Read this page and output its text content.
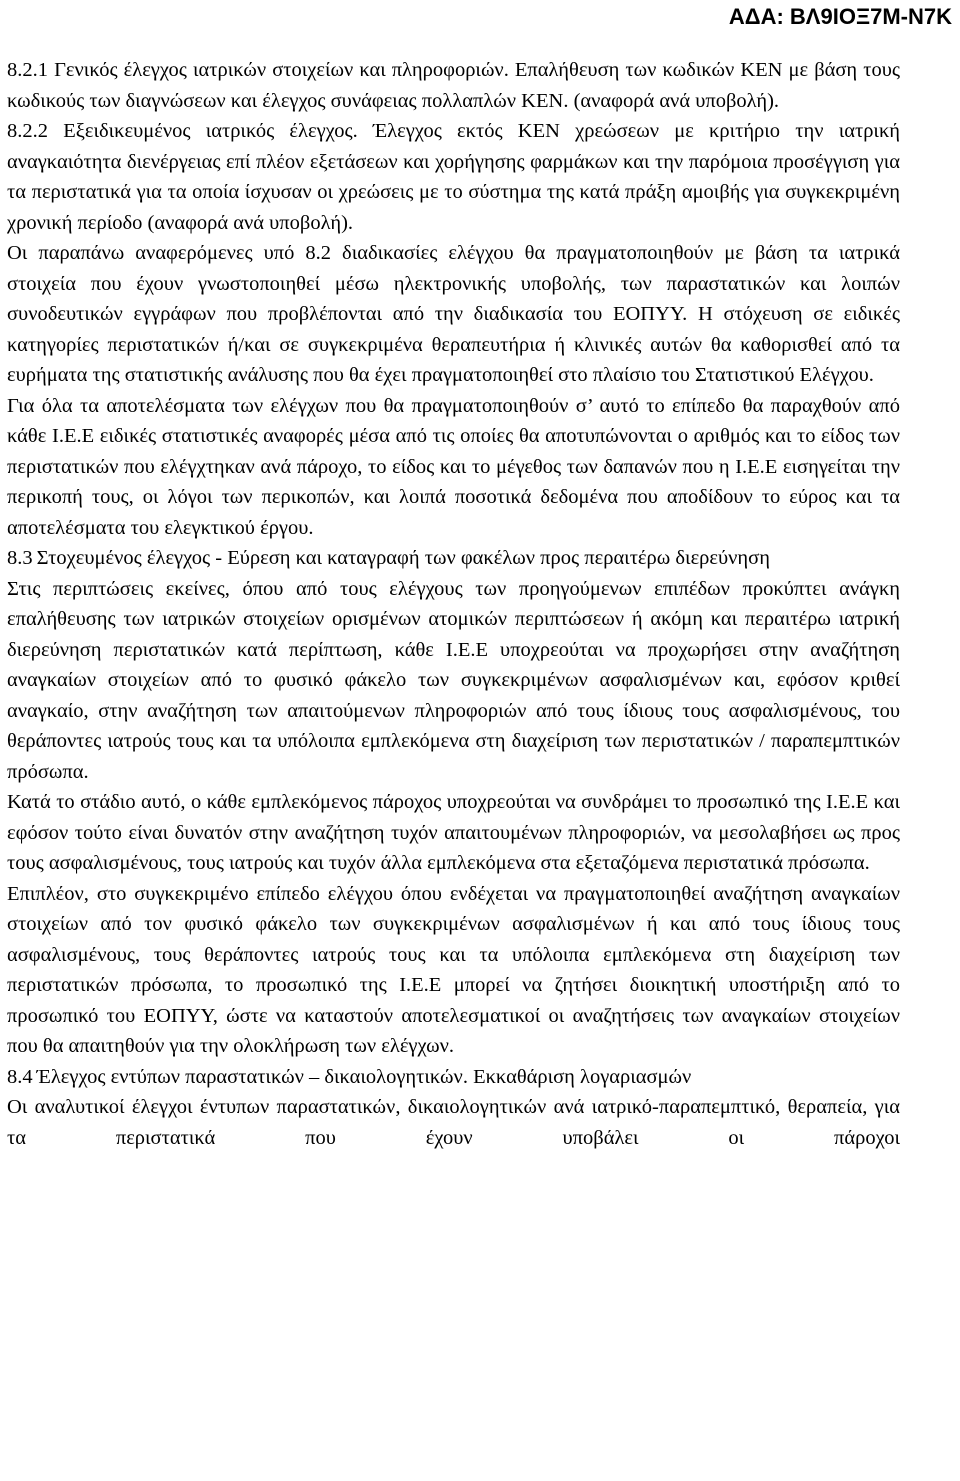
ΑΔΑ: ΒΛ9ΙΟΞ7Μ-Ν7Κ

8.2.1 Γενικός έλεγχος ιατρικών στοιχείων και πληροφοριών. Επαλήθευση των κωδικών ΚΕΝ με βάση τους κωδικούς των διαγνώσεων και έλεγχος συνάφειας πολλαπλών ΚΕΝ. (αναφορά ανά υποβολή).

8.2.2 Εξειδικευμένος ιατρικός έλεγχος. Έλεγχος εκτός ΚΕΝ χρεώσεων με κριτήριο την ιατρική αναγκαιότητα διενέργειας επί πλέον εξετάσεων και χορήγησης φαρμάκων και την παρόμοια προσέγγιση για τα περιστατικά για τα οποία ίσχυσαν οι χρεώσεις με το σύστημα της κατά πράξη αμοιβής για συγκεκριμένη χρονική περίοδο (αναφορά ανά υποβολή).

Οι παραπάνω αναφερόμενες υπό 8.2 διαδικασίες ελέγχου θα πραγματοποιηθούν με βάση τα ιατρικά στοιχεία που έχουν γνωστοποιηθεί μέσω ηλεκτρονικής υποβολής, των παραστατικών και λοιπών συνοδευτικών εγγράφων που προβλέπονται από την διαδικασία του ΕΟΠΥΥ. Η στόχευση σε ειδικές κατηγορίες περιστατικών ή/και σε συγκεκριμένα θεραπευτήρια ή κλινικές αυτών θα καθορισθεί από τα ευρήματα της στατιστικής ανάλυσης που θα έχει πραγματοποιηθεί στο πλαίσιο του Στατιστικού Ελέγχου.

Για όλα τα αποτελέσματα των ελέγχων που θα πραγματοποιηθούν σ’ αυτό το επίπεδο θα παραχθούν από κάθε Ι.Ε.Ε ειδικές στατιστικές αναφορές μέσα από τις οποίες θα αποτυπώνονται ο αριθμός και το είδος των περιστατικών που ελέγχτηκαν ανά πάροχο, το είδος και το μέγεθος των δαπανών που η Ι.Ε.Ε εισηγείται την περικοπή τους, οι λόγοι των περικοπών, και λοιπά ποσοτικά δεδομένα που αποδίδουν το εύρος και τα αποτελέσματα του ελεγκτικού έργου.

8.3 Στοχευμένος έλεγχος - Εύρεση και καταγραφή των φακέλων προς περαιτέρω διερεύνηση

Στις περιπτώσεις εκείνες, όπου από τους ελέγχους των προηγούμενων επιπέδων προκύπτει ανάγκη επαλήθευσης των ιατρικών στοιχείων ορισμένων ατομικών περιπτώσεων ή ακόμη και περαιτέρω ιατρική διερεύνηση περιστατικών κατά περίπτωση, κάθε Ι.Ε.Ε υποχρεούται να προχωρήσει στην αναζήτηση αναγκαίων στοιχείων από το φυσικό φάκελο των συγκεκριμένων ασφαλισμένων και, εφόσον κριθεί αναγκαίο, στην αναζήτηση των απαιτούμενων πληροφοριών από τους ίδιους τους ασφαλισμένους, του θεράποντες ιατρούς τους και τα υπόλοιπα εμπλεκόμενα στη διαχείριση των περιστατικών / παραπεμπτικών πρόσωπα.

Κατά το στάδιο αυτό, ο κάθε εμπλεκόμενος πάροχος υποχρεούται να συνδράμει το προσωπικό της Ι.Ε.Ε και εφόσον τούτο είναι δυνατόν στην αναζήτηση τυχόν απαιτουμένων πληροφοριών, να μεσολαβήσει ως προς τους ασφαλισμένους, τους ιατρούς και τυχόν άλλα εμπλεκόμενα στα εξεταζόμενα περιστατικά πρόσωπα.

Επιπλέον, στο συγκεκριμένο επίπεδο ελέγχου όπου ενδέχεται να πραγματοποιηθεί αναζήτηση αναγκαίων στοιχείων από τον φυσικό φάκελο των συγκεκριμένων ασφαλισμένων ή και από τους ίδιους τους ασφαλισμένους, τους θεράποντες ιατρούς τους και τα υπόλοιπα εμπλεκόμενα στη διαχείριση των περιστατικών πρόσωπα, το προσωπικό της Ι.Ε.Ε μπορεί να ζητήσει διοικητική υποστήριξη από το προσωπικό του ΕΟΠΥΥ, ώστε να καταστούν αποτελεσματικοί οι αναζητήσεις των αναγκαίων στοιχείων που θα απαιτηθούν για την ολοκλήρωση των ελέγχων.

8.4 Έλεγχος εντύπων παραστατικών – δικαιολογητικών. Εκκαθάριση λογαριασμών

Οι αναλυτικοί έλεγχοι έντυπων παραστατικών, δικαιολογητικών ανά ιατρικό-παραπεμπτικό, θεραπεία, για τα περιστατικά που έχουν υποβάλει οι πάροχοι
